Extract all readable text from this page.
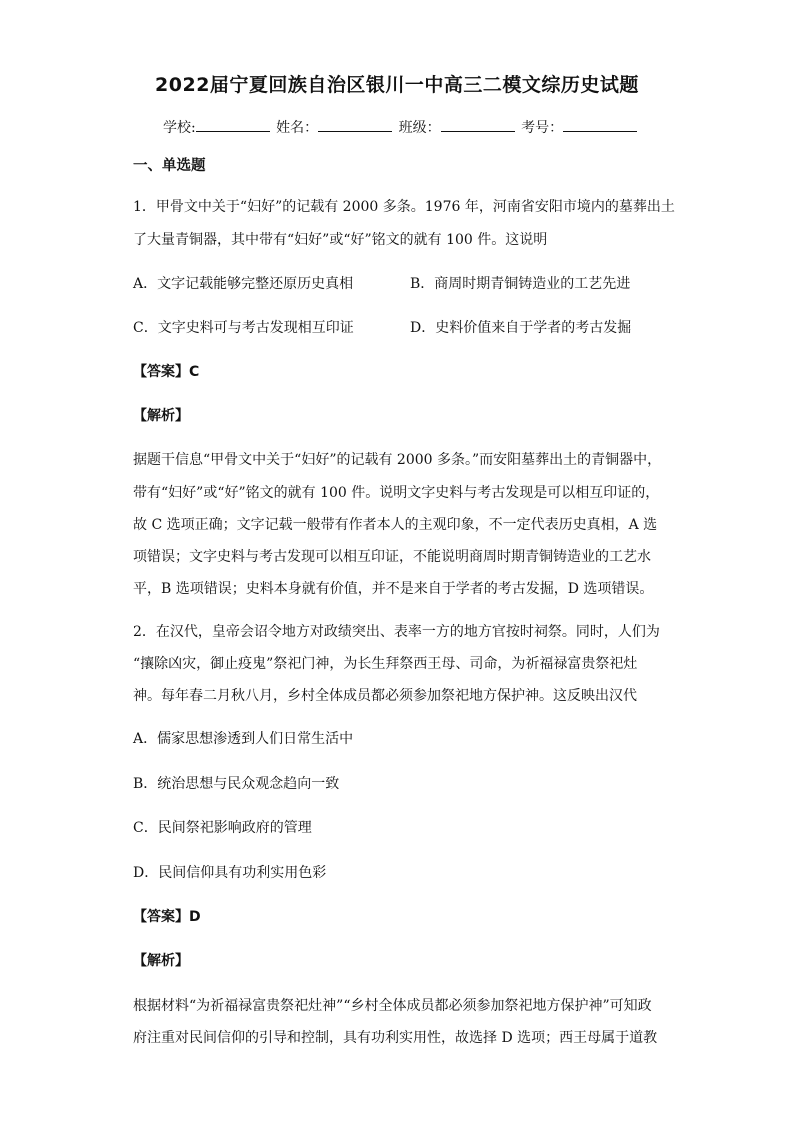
2022届宁夏回族自治区银川一中高三二模文综历史试题
学校:	姓名：	班级：	考号：
一、单选题
1．甲骨文中关于“妇好”的记载有 2000 多条。1976 年，河南省安阳市境内的墓葬出土
了大量青铜器，其中带有“妇好”或“好”铭文的就有 100 件。这说明
A．文字记载能够完整还原历史真相	B．商周时期青铜铸造业的工艺先进
C．文字史料可与考古发现相互印证	D．史料价值来自于学者的考古发掘
【答案】C
【解析】
据题干信息“甲骨文中关于“妇好”的记载有 2000 多条。”而安阳墓葬出土的青铜器中，
带有“妇好”或“好”铭文的就有 100 件。说明文字史料与考古发现是可以相互印证的，
故 C 选项正确；文字记载一般带有作者本人的主观印象，不一定代表历史真相，A 选
项错误；文字史料与考古发现可以相互印证，不能说明商周时期青铜铸造业的工艺水
平，B 选项错误；史料本身就有价值，并不是来自于学者的考古发掘，D 选项错误。
2．在汉代，皇帝会诏令地方对政绩突出、表率一方的地方官按时祠祭。同时，人们为
“攘除凶灾，御止疫鬼”祭祀门神，为长生拜祭西王母、司命，为祈福禄富贵祭祀灶
神。每年春二月秋八月，乡村全体成员都必须参加祭祀地方保护神。这反映出汉代
A．儒家思想渗透到人们日常生活中
B．统治思想与民众观念趋向一致
C．民间祭祀影响政府的管理
D．民间信仰具有功利实用色彩
【答案】D
【解析】
根据材料“为祈福禄富贵祭祀灶神”“乡村全体成员都必须参加祭祀地方保护神”可知政
府注重对民间信仰的引导和控制，具有功利实用性，故选择 D 选项；西王母属于道教
